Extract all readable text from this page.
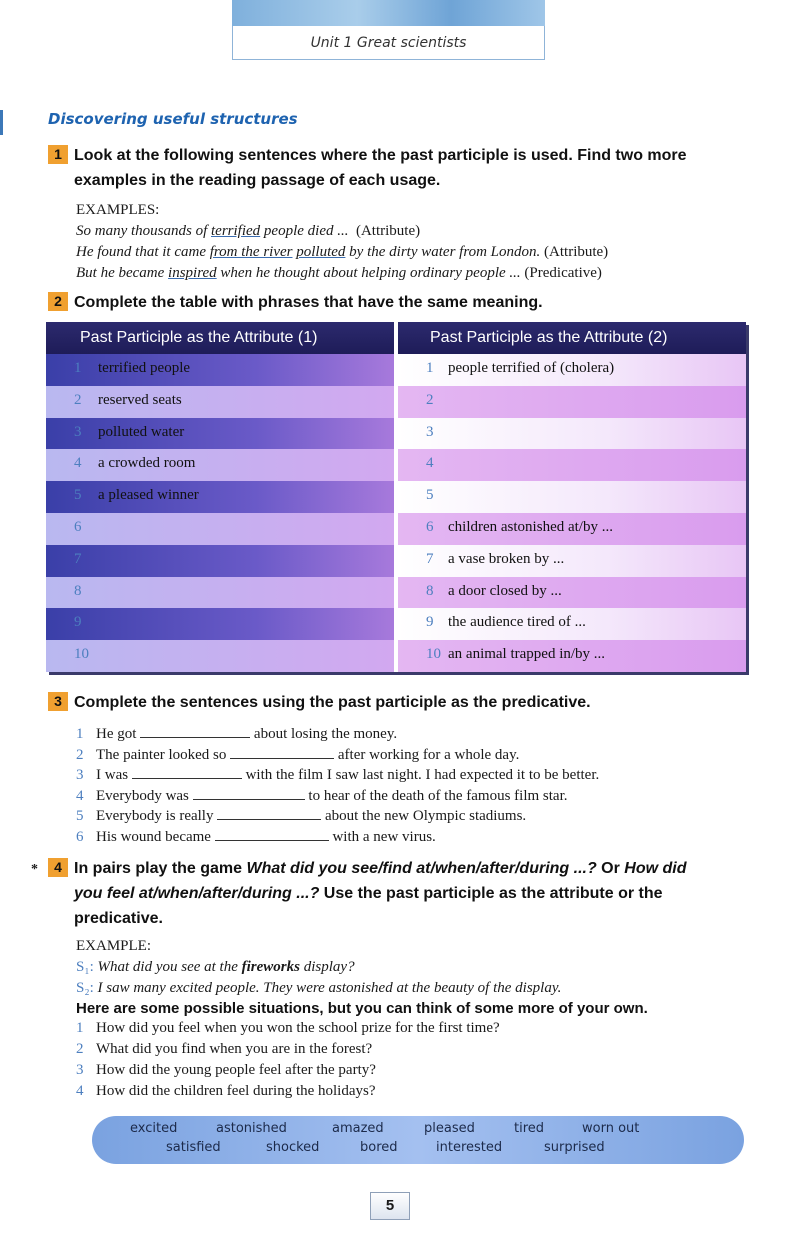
Unit 1 Great scientists
Discovering useful structures
1 Look at the following sentences where the past participle is used. Find two more
examples in the reading passage of each usage.
EXAMPLES:
So many thousands of terrified people died ... (Attribute)
He found that it came from the river polluted by the dirty water from London. (Attribute)
But he became inspired when he thought about helping ordinary people ... (Predicative)
2 Complete the table with phrases that have the same meaning.
Past Participle as the Attribute (1)	Past Participle as the Attribute (2)
1 terrified people	1 people terrified of (cholera)
2 reserved seats	2
3 polluted water	3
4 a crowded room	4
5 a pleased winner	5
6	6 children astonished at/by ...
7	7 a vase broken by ...
8	8 a door closed by ...
9	9 the audience tired of ...
10	10 an animal trapped in/by ...
3 Complete the sentences using the past participle as the predicative.
1 He got	about losing the money.
2 The painter looked so	after working for a whole day.
3 I was	with the film I saw last night. I had expected it to be better.
4 Everybody was	to hear of the death of the famous film star.
5 Everybody is really	about the new Olympic stadiums.
6 His wound became	with a new virus.
*	4 In pairs play the game What did you see/find at/when/after/during ...? Or How did
you feel at/when/after/during ...? Use the past participle as the attribute or the
predicative.
EXAMPLE:
S₁: What did you see at the fireworks display?
S₂: I saw many excited people. They were astonished at the beauty of the display.
Here are some possible situations, but you can think of some more of your own.
1 How did you feel when you won the school prize for the first time?
2 What did you find when you are in the forest?
3 How did the young people feel after the party?
4 How did the children feel during the holidays?
excited	astonished	amazed	pleased	tired	worn out
satisfied	shocked	bored	interested	surprised
5
